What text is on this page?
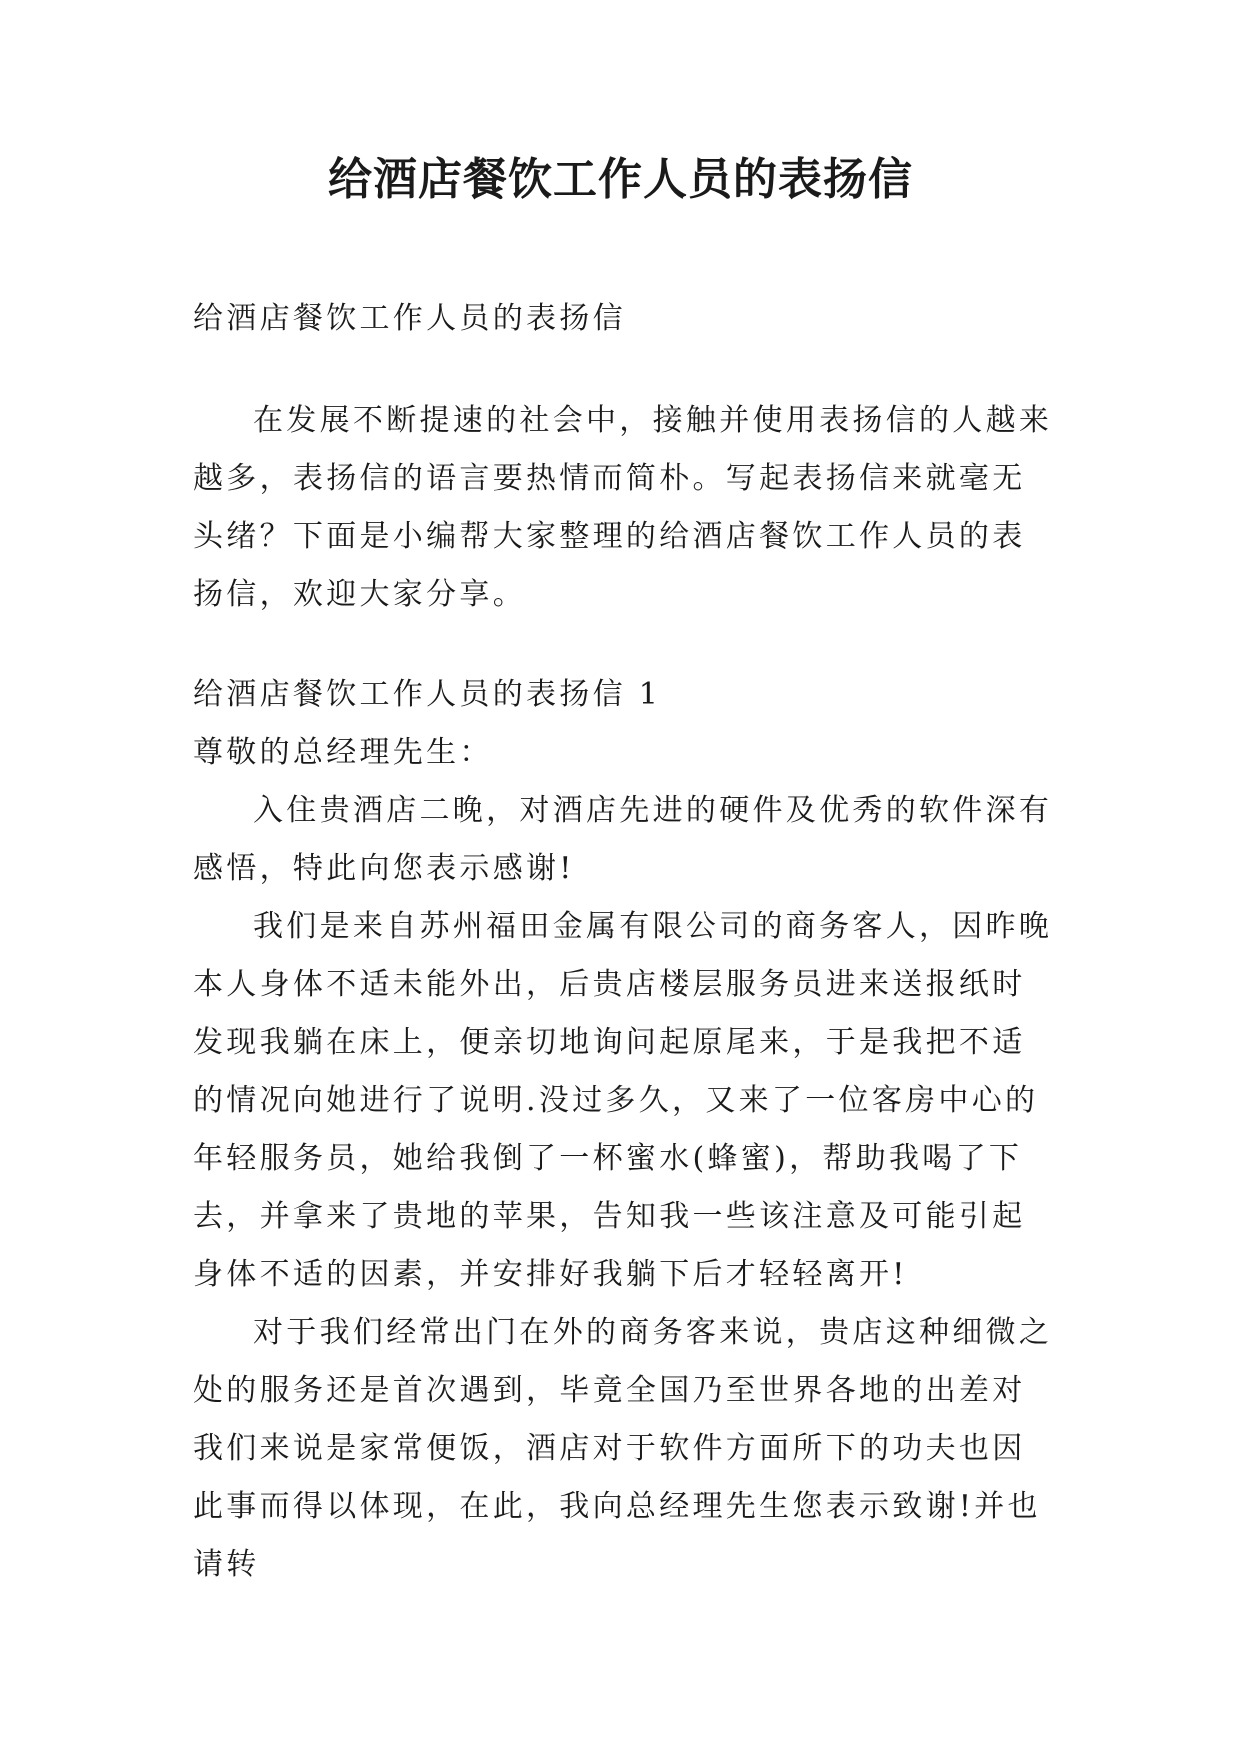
给酒店餐饮工作人员的表扬信

给酒店餐饮工作人员的表扬信

在发展不断提速的社会中，接触并使用表扬信的人越来越多，表扬信的语言要热情而简朴。写起表扬信来就毫无头绪？下面是小编帮大家整理的给酒店餐饮工作人员的表扬信，欢迎大家分享。

给酒店餐饮工作人员的表扬信 1

尊敬的总经理先生：

入住贵酒店二晚，对酒店先进的硬件及优秀的软件深有感悟，特此向您表示感谢!

我们是来自苏州福田金属有限公司的商务客人，因昨晚本人身体不适未能外出，后贵店楼层服务员进来送报纸时发现我躺在床上，便亲切地询问起原尾来，于是我把不适的情况向她进行了说明.没过多久，又来了一位客房中心的年轻服务员，她给我倒了一杯蜜水(蜂蜜)，帮助我喝了下去，并拿来了贵地的苹果，告知我一些该注意及可能引起身体不适的因素，并安排好我躺下后才轻轻离开!

对于我们经常出门在外的商务客来说，贵店这种细微之处的服务还是首次遇到，毕竟全国乃至世界各地的出差对我们来说是家常便饭，酒店对于软件方面所下的功夫也因此事而得以体现，在此，我向总经理先生您表示致谢!并也请转
